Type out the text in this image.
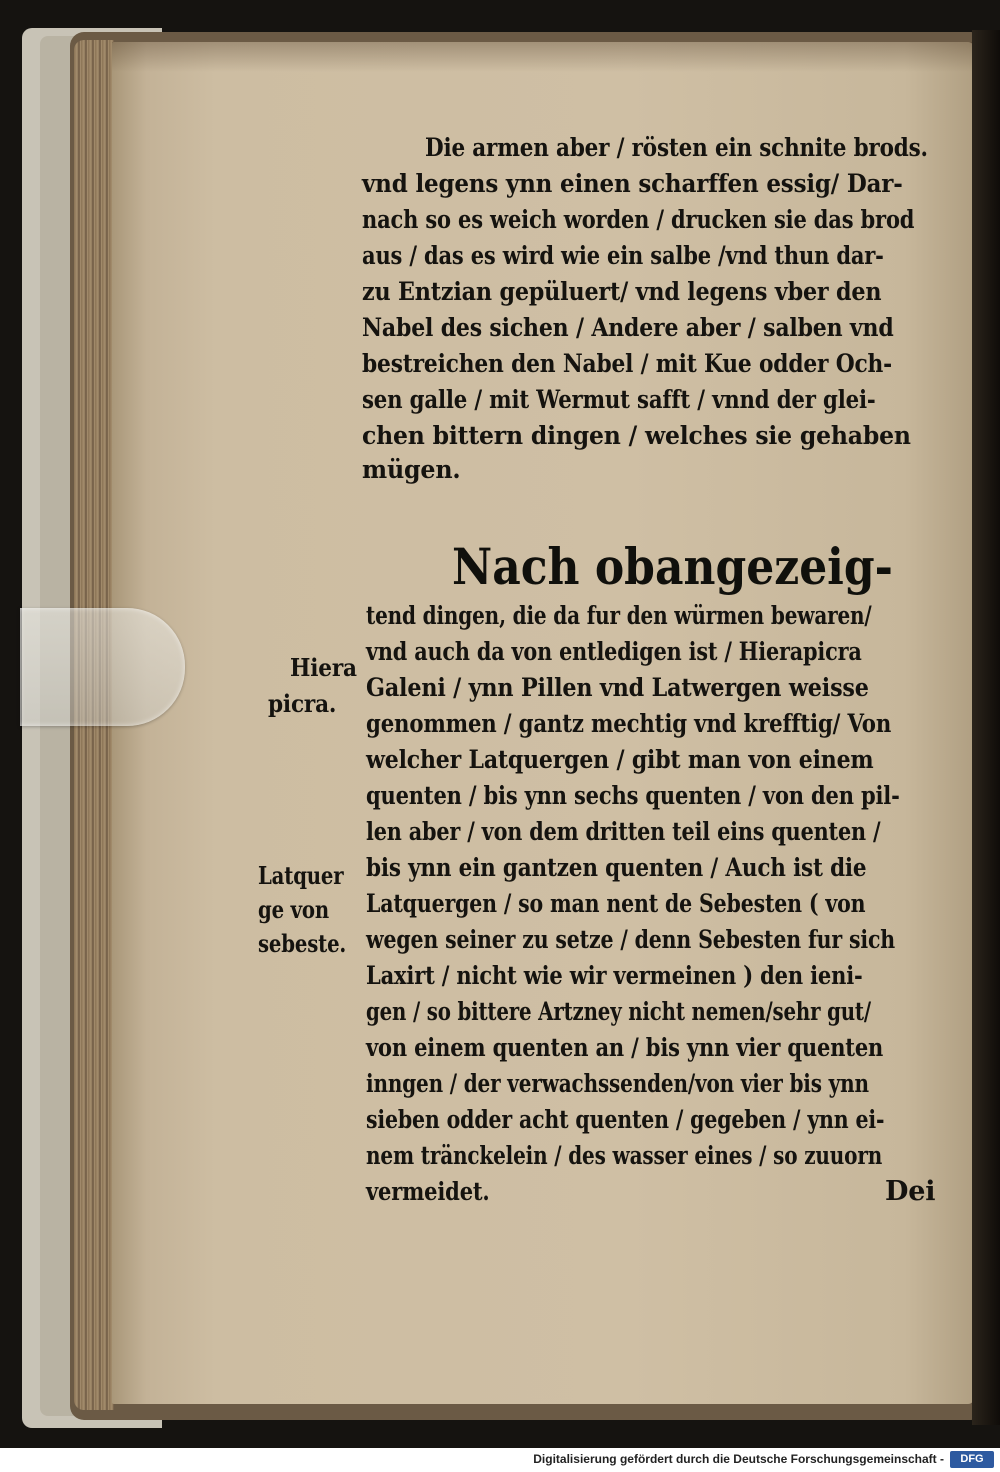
Die armen aber / rösten ein schnite brods.
vnd legens ynn einen scharffen essig/ Dar-
nach so es weich worden / drucken sie das brod
aus / das es wird wie ein salbe /vnd thun dar-
zu Entzian gepüluert/ vnd legens vber den
Nabel des sichen / Andere aber / salben vnd
bestreichen den Nabel / mit Kue odder Och-
sen galle / mit Wermut safft / vnnd der glei-
chen bittern dingen / welches sie gehaben
mügen.
Nach obangezeig-
tend dingen, die da fur den würmen bewaren/
vnd auch da von entledigen ist / Hierapicra
Galeni / ynn Pillen vnd Latwergen weisse
genommen / gantz mechtig vnd krefftig/ Von
welcher Latquergen / gibt man von einem
quenten / bis ynn sechs quenten / von den pil-
len aber / von dem dritten teil eins quenten /
bis ynn ein gantzen quenten / Auch ist die
Latquergen / so man nent de Sebesten ( von
wegen seiner zu setze / denn Sebesten fur sich
Laxirt / nicht wie wir vermeinen ) den ieni-
gen / so bittere Artzney nicht nemen/sehr gut/
von einem quenten an / bis ynn vier quenten
inngen / der verwachssenden/von vier bis ynn
sieben odder acht quenten / gegeben / ynn ei-
nem tränckelein / des wasser eines / so zuuorn
vermeidet.
Hiera
picra.
Latquer
ge von
sebeste.
Dei
Digitalisierung gefördert durch die Deutsche Forschungsgemeinschaft -	DFG
